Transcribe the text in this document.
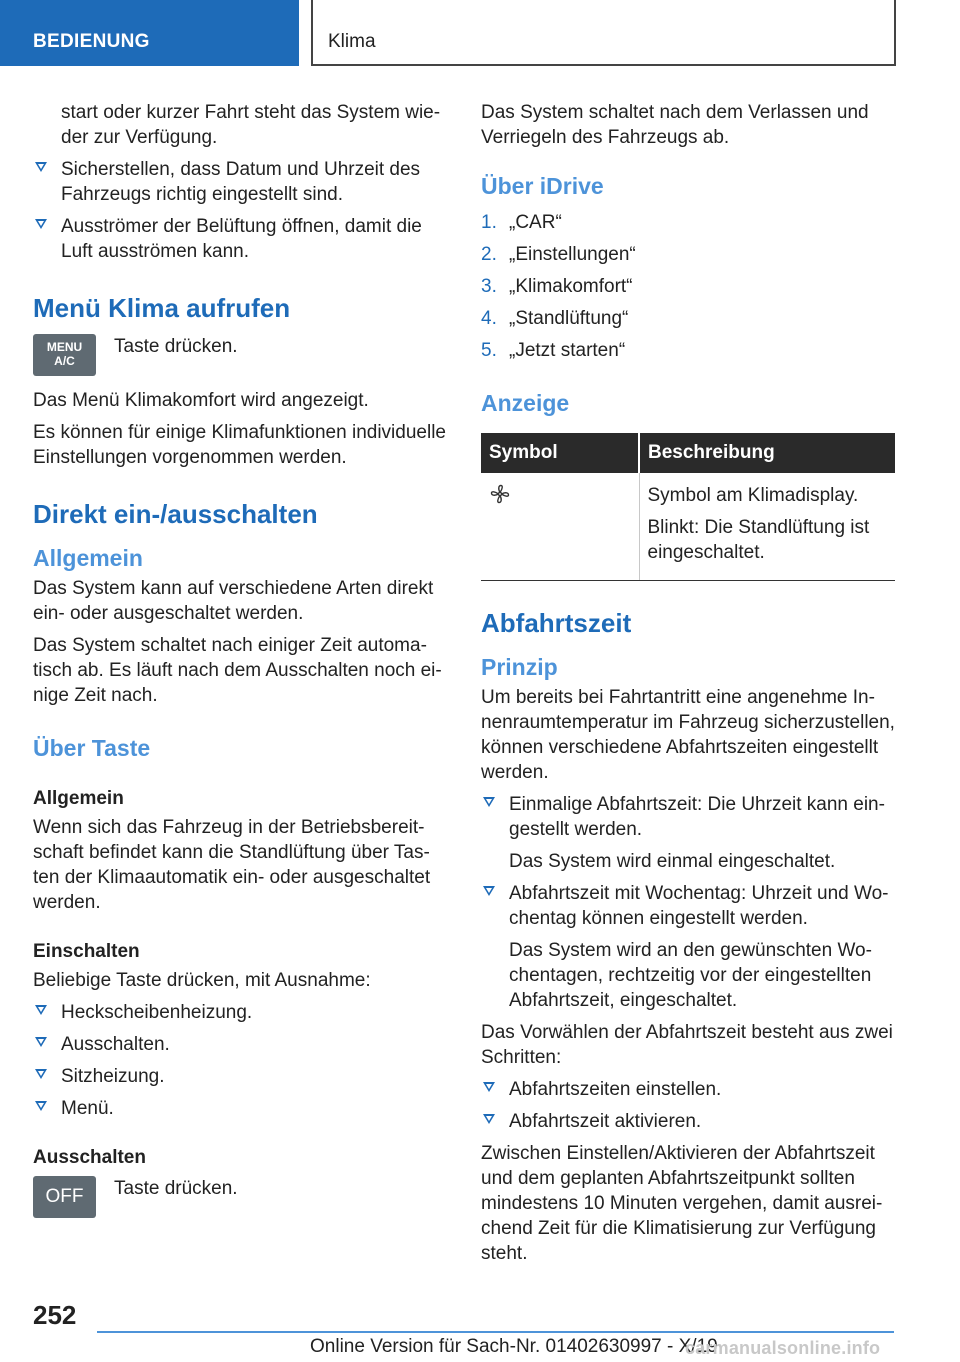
BEDIENUNG	Klima
start oder kurzer Fahrt steht das System wie-der zur Verfügung.
Sicherstellen, dass Datum und Uhrzeit des Fahrzeugs richtig eingestellt sind.
Ausströmer der Belüftung öffnen, damit die Luft ausströmen kann.
Menü Klima aufrufen
MENU
A/C

Taste drücken.

Das Menü Klimakomfort wird angezeigt.

Es können für einige Klimafunktionen individuelle Einstellungen vorgenommen werden.

Direkt ein-/ausschalten
Allgemein

Das System kann auf verschiedene Arten direkt ein- oder ausgeschaltet werden.

Das System schaltet nach einiger Zeit automa-tisch ab. Es läuft nach dem Ausschalten noch ei-nige Zeit nach.

Über Taste
Allgemein

Wenn sich das Fahrzeug in der Betriebsbereit-schaft befindet kann die Standlüftung über Tas-ten der Klimaautomatik ein- oder ausgeschaltet werden.

Einschalten

Beliebige Taste drücken, mit Ausnahme:

Heckscheibenheizung.
Ausschalten.
Sitzheizung.
Menü.
Ausschalten
OFF	Taste drücken.

Das System schaltet nach dem Verlassen und Verriegeln des Fahrzeugs ab.

Über iDrive
1. „CAR“
2. „Einstellungen“
3. „Klimakomfort“
4. „Standlüftung“
5. „Jetzt starten“
Anzeige
Symbol	Beschreibung

Symbol am Klimadisplay.

Blinkt: Die Standlüftung ist eingeschaltet.

Abfahrtszeit
Prinzip

Um bereits bei Fahrtantritt eine angenehme In-nenraumtemperatur im Fahrzeug sicherzustellen, können verschiedene Abfahrtszeiten eingestellt werden.

Einmalige Abfahrtszeit: Die Uhrzeit kann ein-gestellt werden.

Das System wird einmal eingeschaltet.

Abfahrtszeit mit Wochentag: Uhrzeit und Wo-chentag können eingestellt werden.

Das System wird an den gewünschten Wo-chentagen, rechtzeitig vor der eingestellten Abfahrtszeit, eingeschaltet.

Das Vorwählen der Abfahrtszeit besteht aus zwei Schritten:

Abfahrtszeiten einstellen.
Abfahrtszeit aktivieren.

Zwischen Einstellen/Aktivieren der Abfahrtszeit und dem geplanten Abfahrtszeitpunkt sollten mindestens 10 Minuten vergehen, damit ausrei-chend Zeit für die Klimatisierung zur Verfügung steht.

252
Online Version für Sach-Nr. 01402630997 - X/19
carmanualsonline.info
